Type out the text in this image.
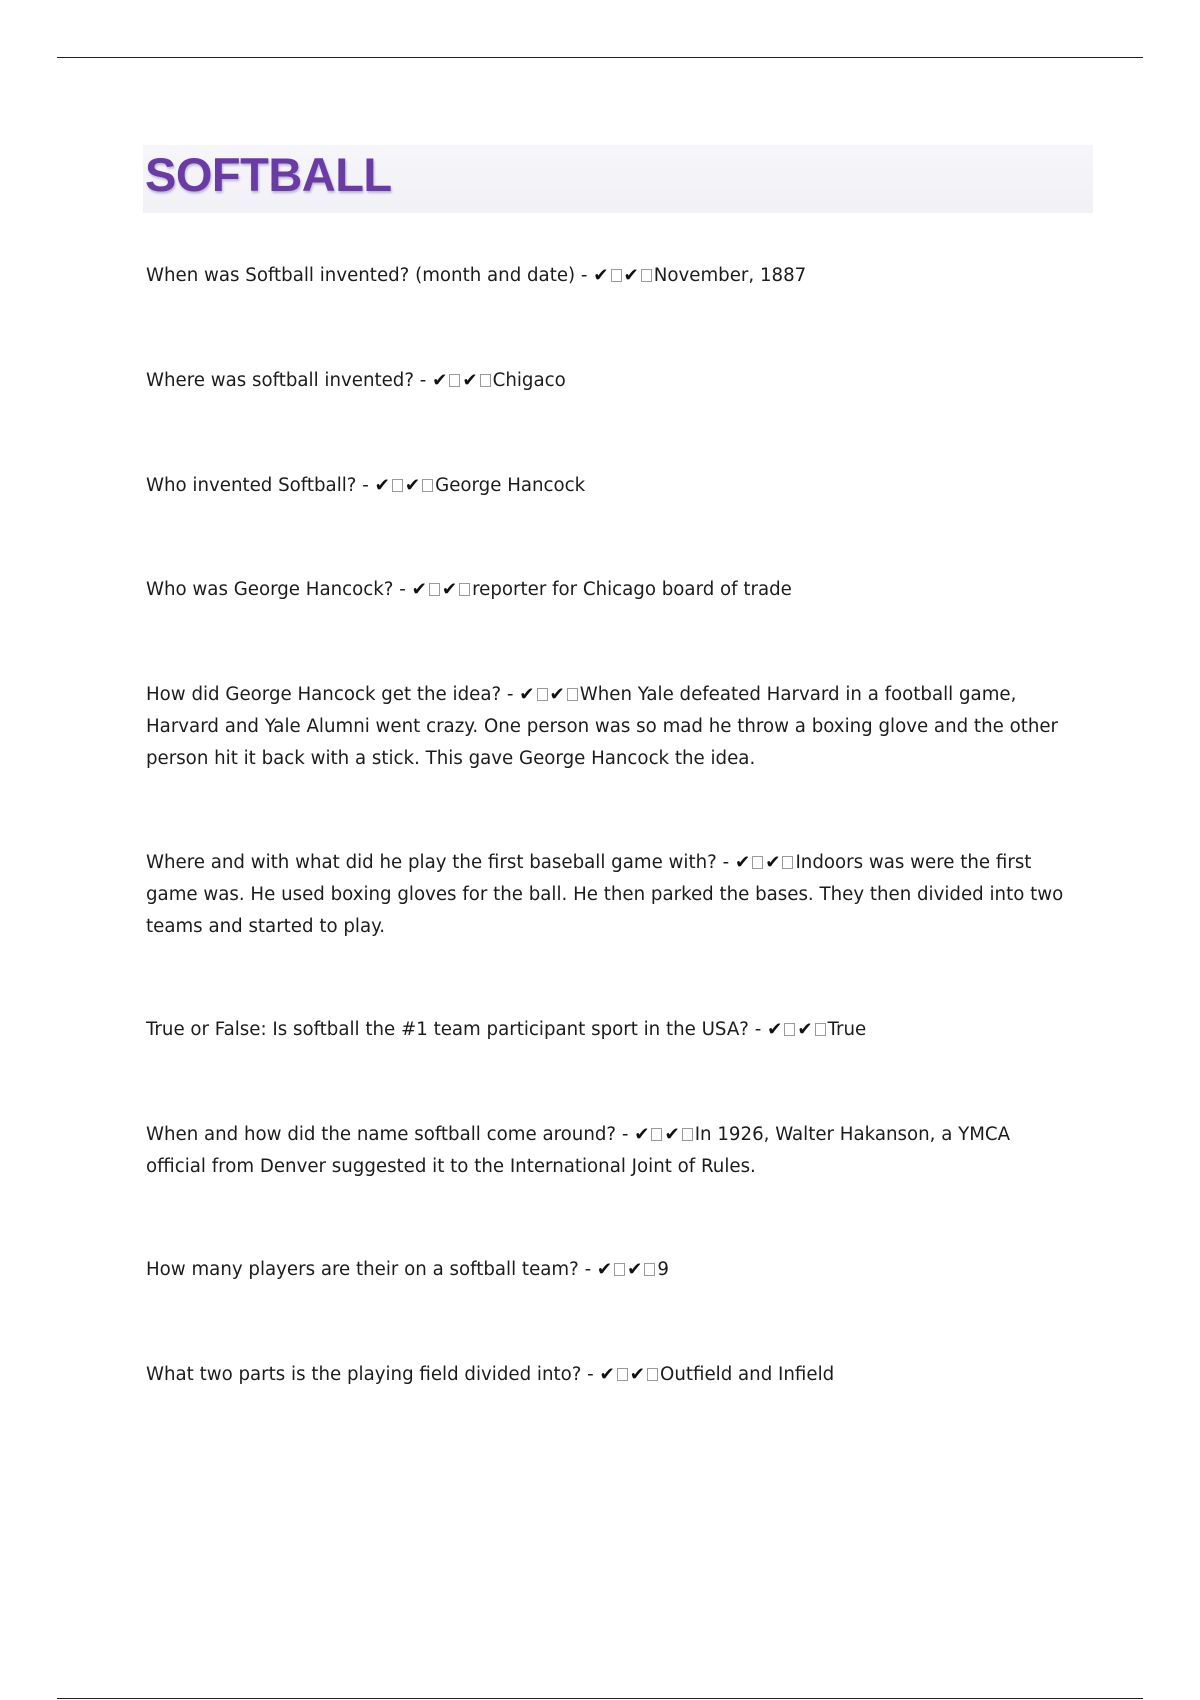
SOFTBALL
When was Softball invented? (month and date) - ✔ ✔ November, 1887
Where was softball invented? - ✔ ✔ Chigaco
Who invented Softball? - ✔ ✔ George Hancock
Who was George Hancock? - ✔ ✔ reporter for Chicago board of trade
How did George Hancock get the idea? - ✔ ✔ When Yale defeated Harvard in a football game, Harvard and Yale Alumni went crazy. One person was so mad he throw a boxing glove and the other person hit it back with a stick. This gave George Hancock the idea.
Where and with what did he play the first baseball game with? - ✔ ✔ Indoors was were the first game was. He used boxing gloves for the ball. He then parked the bases. They then divided into two teams and started to play.
True or False: Is softball the #1 team participant sport in the USA? - ✔ ✔ True
When and how did the name softball come around? - ✔ ✔ In 1926, Walter Hakanson, a YMCA official from Denver suggested it to the International Joint of Rules.
How many players are their on a softball team? - ✔ ✔ 9
What two parts is the playing field divided into? - ✔ ✔ Outfield and Infield
